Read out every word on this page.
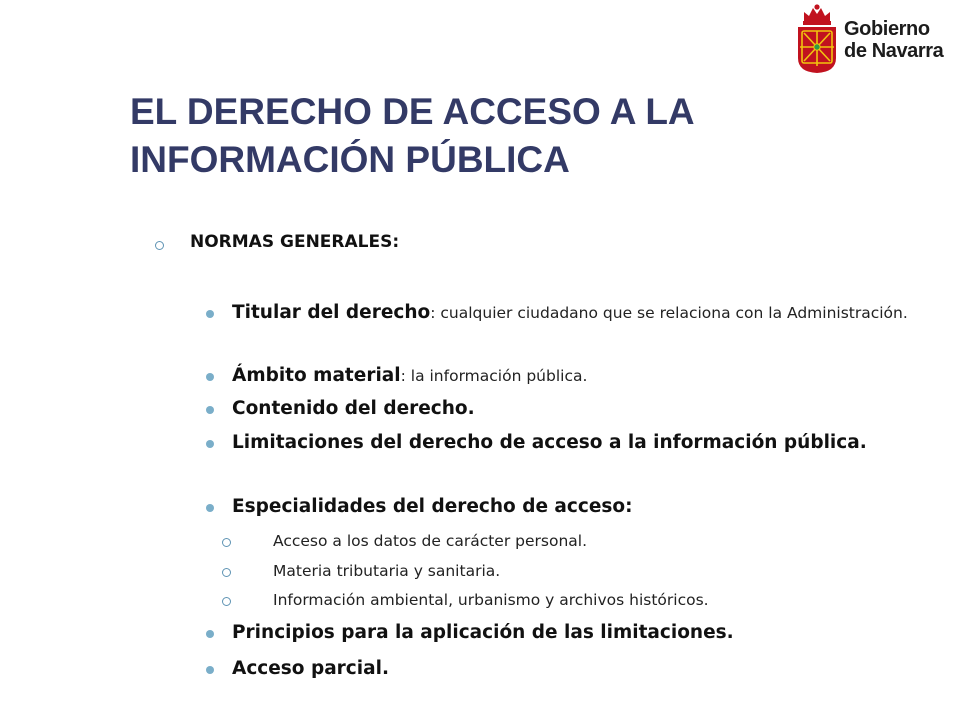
Gobierno
de Navarra
EL DERECHO DE ACCESO A LA
INFORMACIÓN PÚBLICA
NORMAS GENERALES:
Titular del derecho: cualquier ciudadano que se relaciona con la Administración.
Ámbito material: la información pública.
Contenido del derecho.
Limitaciones del derecho de acceso a la información pública.
Especialidades del derecho de acceso:
Acceso a los datos de carácter personal.
Materia tributaria y sanitaria.
Información ambiental, urbanismo y archivos históricos.
Principios para la aplicación de las limitaciones.
Acceso parcial.
